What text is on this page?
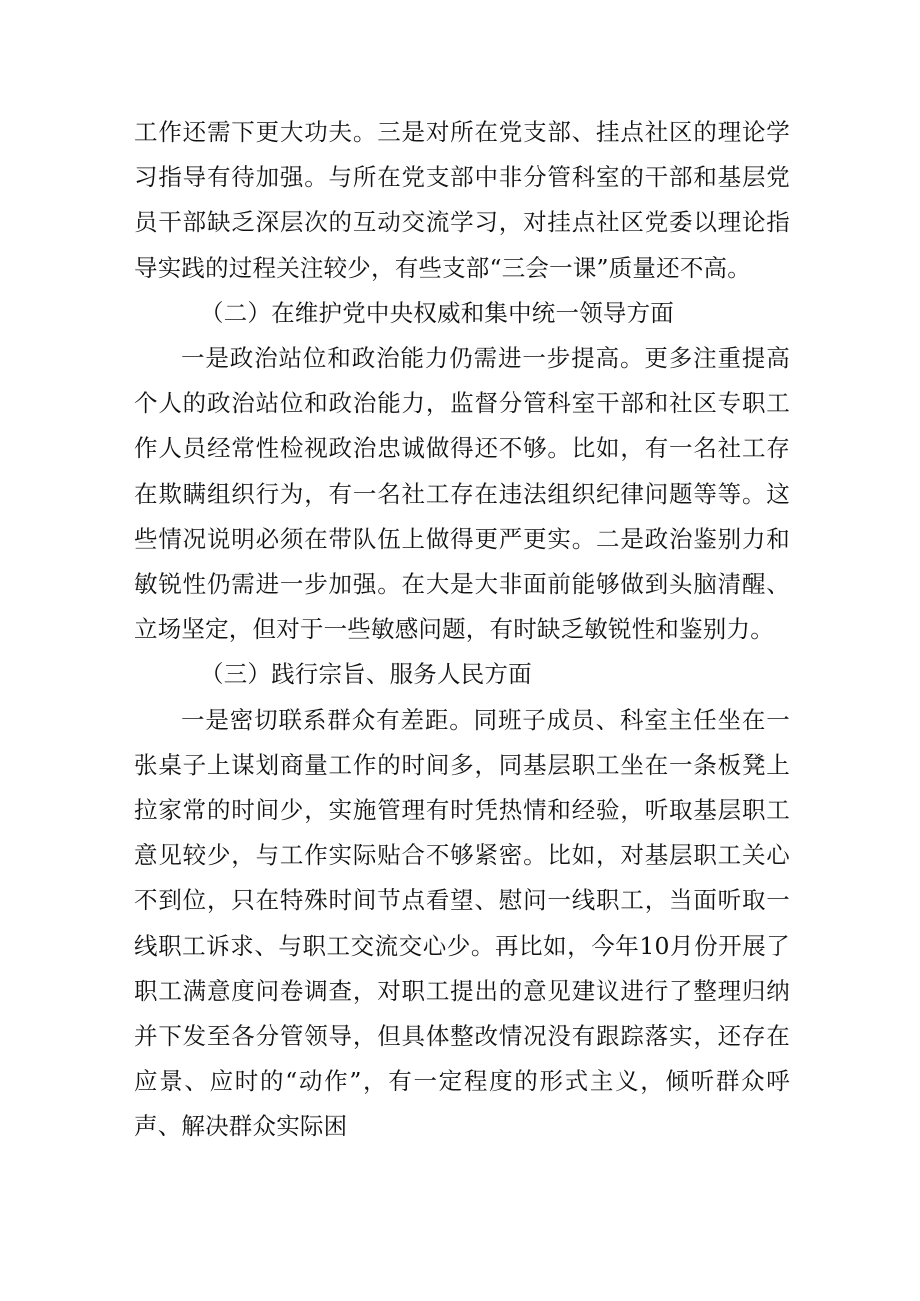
工作还需下更大功夫。三是对所在党支部、挂点社区的理论学习指导有待加强。与所在党支部中非分管科室的干部和基层党员干部缺乏深层次的互动交流学习，对挂点社区党委以理论指导实践的过程关注较少，有些支部“三会一课”质量还不高。

（二）在维护党中央权威和集中统一领导方面

一是政治站位和政治能力仍需进一步提高。更多注重提高个人的政治站位和政治能力，监督分管科室干部和社区专职工作人员经常性检视政治忠诚做得还不够。比如，有一名社工存在欺瞒组织行为，有一名社工存在违法组织纪律问题等等。这些情况说明必须在带队伍上做得更严更实。二是政治鉴别力和敏锐性仍需进一步加强。在大是大非面前能够做到头脑清醒、立场坚定，但对于一些敏感问题，有时缺乏敏锐性和鉴别力。

（三）践行宗旨、服务人民方面

一是密切联系群众有差距。同班子成员、科室主任坐在一张桌子上谋划商量工作的时间多，同基层职工坐在一条板凳上拉家常的时间少，实施管理有时凭热情和经验，听取基层职工意见较少，与工作实际贴合不够紧密。比如，对基层职工关心不到位，只在特殊时间节点看望、慰问一线职工，当面听取一线职工诉求、与职工交流交心少。再比如，今年10月份开展了职工满意度问卷调查，对职工提出的意见建议进行了整理归纳并下发至各分管领导，但具体整改情况没有跟踪落实，还存在应景、应时的“动作”，有一定程度的形式主义，倾听群众呼声、解决群众实际困
